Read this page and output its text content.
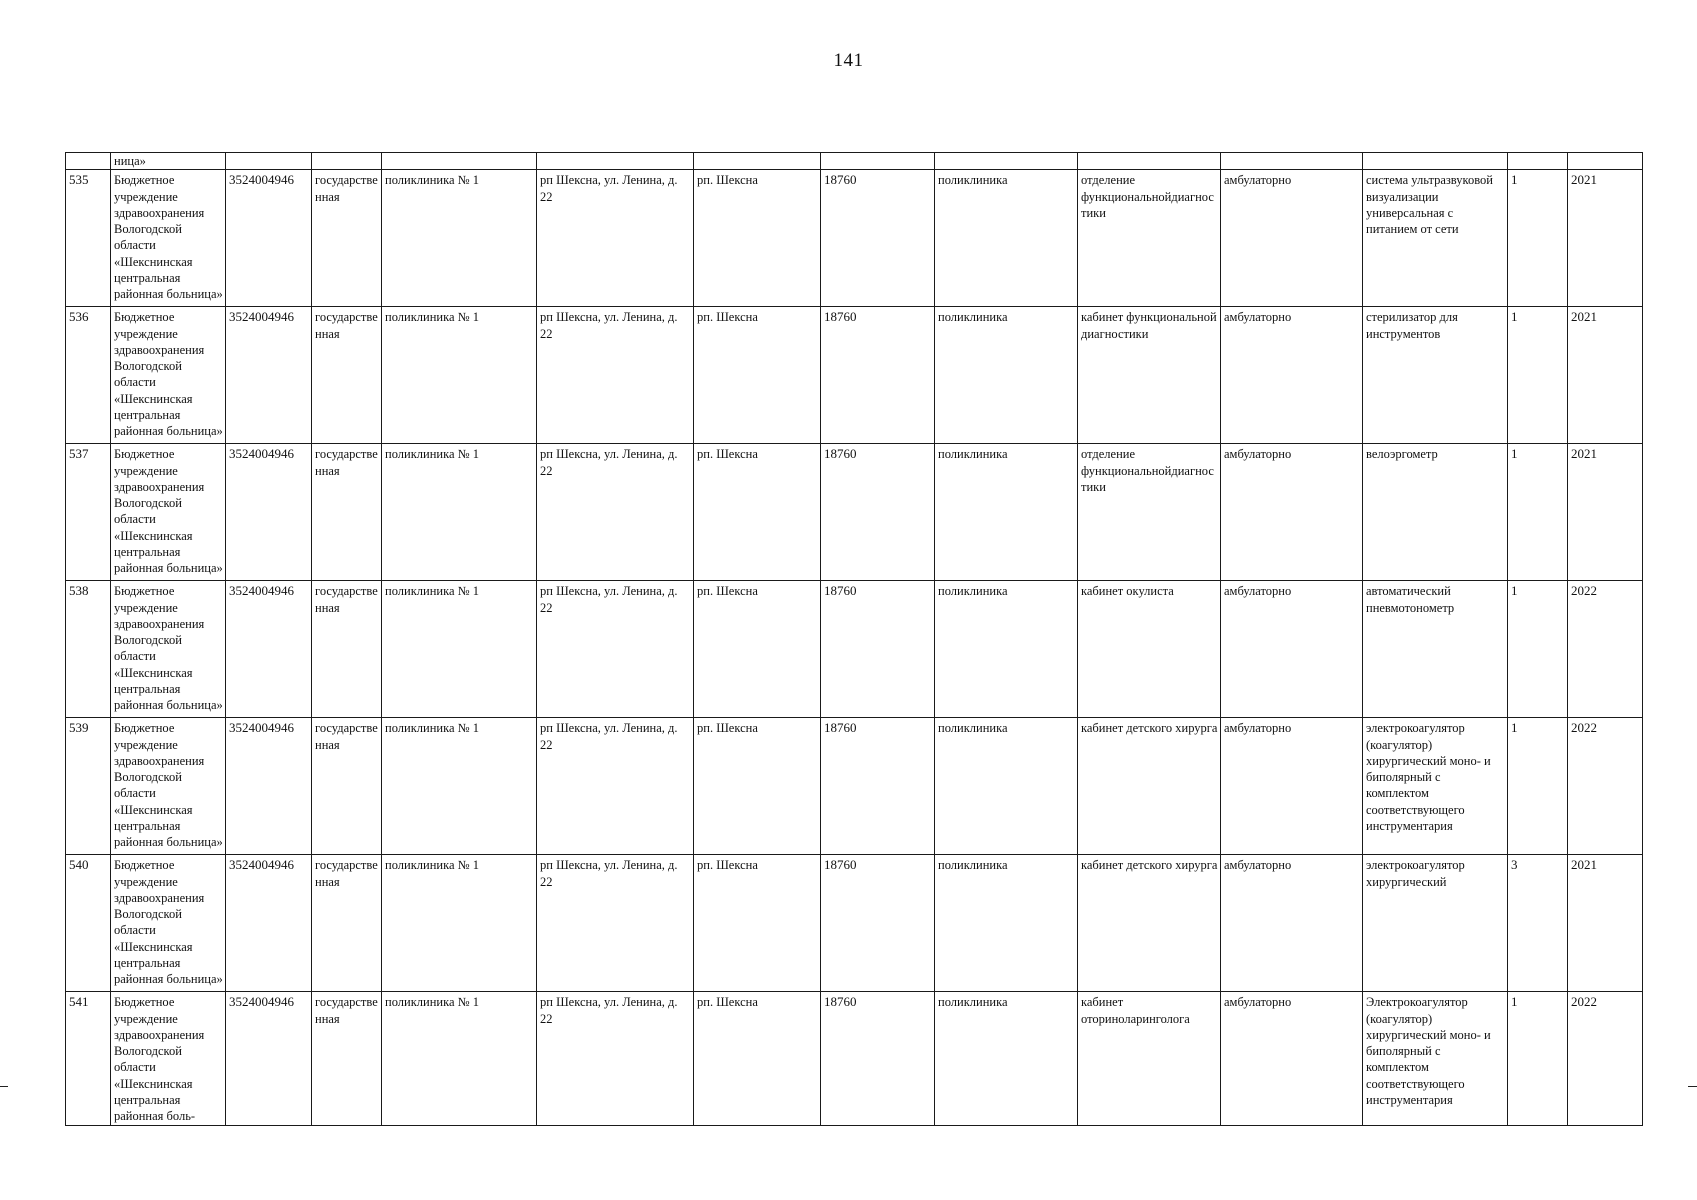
141
	ница»												
535	Бюджетное учреждение здравоохранения Вологодской области «Шекснинская центральная районная больница»	3524004946	государственная	поликлиника № 1	рп Шексна, ул. Ленина, д. 22	рп. Шексна	18760	поликлиника	отделение функциональнойдиагностики	амбулаторно	система ультразвуковой визуализации универсальная с питанием от сети	1	2021
536	Бюджетное учреждение здравоохранения Вологодской области «Шекснинская центральная районная больница»	3524004946	государственная	поликлиника № 1	рп Шексна, ул. Ленина, д. 22	рп. Шексна	18760	поликлиника	кабинет функциональной диагностики	амбулаторно	стерилизатор для инструментов	1	2021
537	Бюджетное учреждение здравоохранения Вологодской области «Шекснинская центральная районная больница»	3524004946	государственная	поликлиника № 1	рп Шексна, ул. Ленина, д. 22	рп. Шексна	18760	поликлиника	отделение функциональнойдиагностики	амбулаторно	велоэргометр	1	2021
538	Бюджетное учреждение здравоохранения Вологодской области «Шекснинская центральная районная больница»	3524004946	государственная	поликлиника № 1	рп Шексна, ул. Ленина, д. 22	рп. Шексна	18760	поликлиника	кабинет окулиста	амбулаторно	автоматический пневмотонометр	1	2022
539	Бюджетное учреждение здравоохранения Вологодской области «Шекснинская центральная районная больница»	3524004946	государственная	поликлиника № 1	рп Шексна, ул. Ленина, д. 22	рп. Шексна	18760	поликлиника	кабинет детского хирурга	амбулаторно	электрокоагулятор (коагулятор) хирургический моно- и биполярный с комплектом соответствующего инструментария	1	2022
540	Бюджетное учреждение здравоохранения Вологодской области «Шекснинская центральная районная больница»	3524004946	государственная	поликлиника № 1	рп Шексна, ул. Ленина, д. 22	рп. Шексна	18760	поликлиника	кабинет детского хирурга	амбулаторно	электрокоагулятор хирургический	3	2021
541	Бюджетное учреждение здравоохранения Вологодской области «Шекснинская центральная районная боль-	3524004946	государственная	поликлиника № 1	рп Шексна, ул. Ленина, д. 22	рп. Шексна	18760	поликлиника	кабинет оториноларинголога	амбулаторно	Электрокоагулятор (коагулятор) хирургический моно- и биполярный с комплектом соответствующего инструментария	1	2022
